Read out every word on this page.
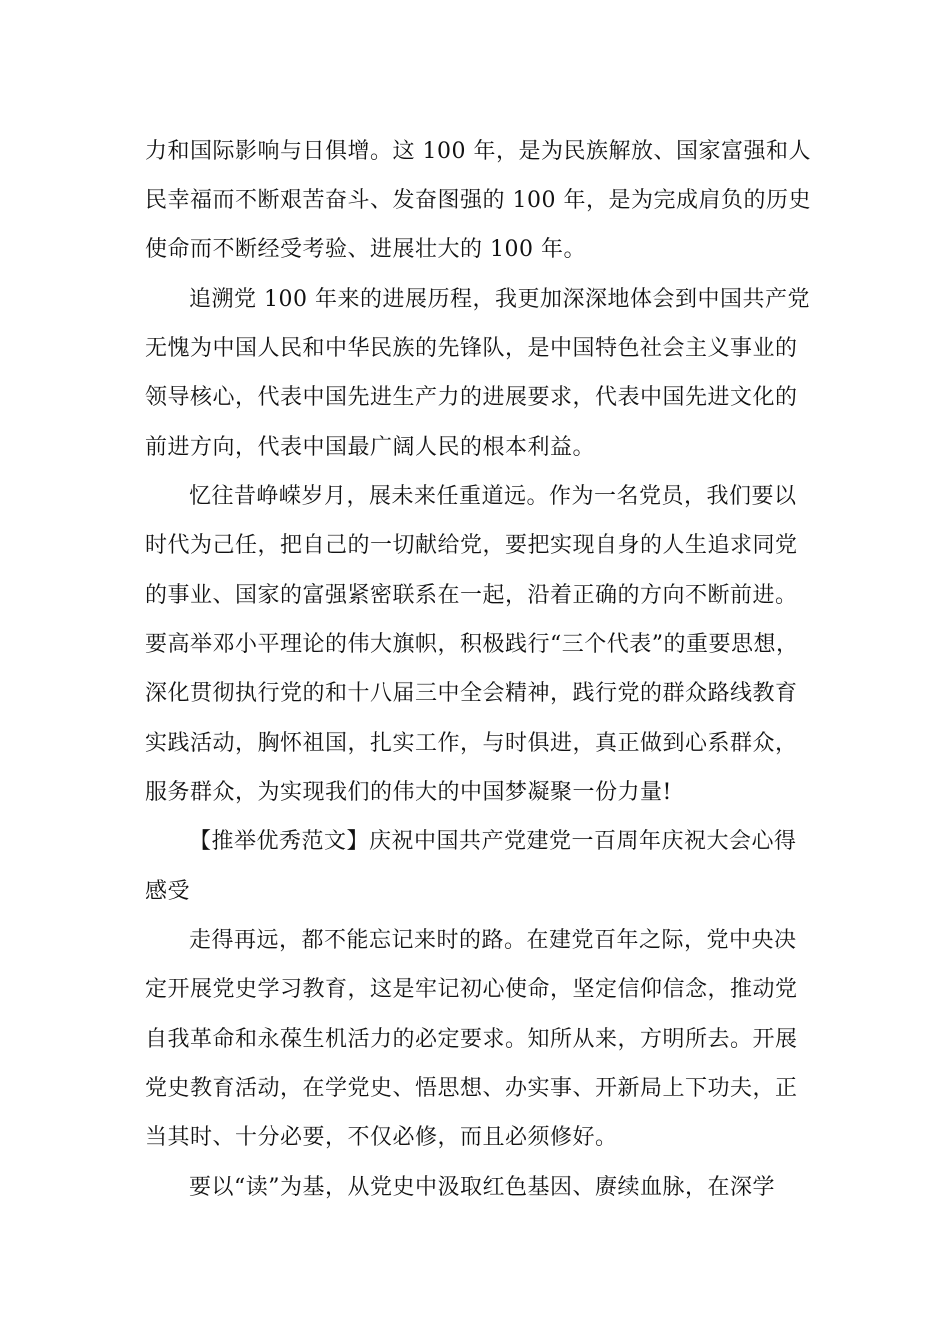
力和国际影响与日俱增。这 100 年，是为民族解放、国家富强和人
民幸福而不断艰苦奋斗、发奋图强的 100 年，是为完成肩负的历史
使命而不断经受考验、进展壮大的 100 年。
追溯党 100 年来的进展历程，我更加深深地体会到中国共产党
无愧为中国人民和中华民族的先锋队，是中国特色社会主义事业的
领导核心，代表中国先进生产力的进展要求，代表中国先进文化的
前进方向，代表中国最广阔人民的根本利益。
忆往昔峥嵘岁月，展未来任重道远。作为一名党员，我们要以
时代为己任，把自己的一切献给党，要把实现自身的人生追求同党
的事业、国家的富强紧密联系在一起，沿着正确的方向不断前进。
要高举邓小平理论的伟大旗帜，积极践行“三个代表”的重要思想，
深化贯彻执行党的和十八届三中全会精神，践行党的群众路线教育
实践活动，胸怀祖国，扎实工作，与时俱进，真正做到心系群众，
服务群众，为实现我们的伟大的中国梦凝聚一份力量!
【推举优秀范文】庆祝中国共产党建党一百周年庆祝大会心得
感受
走得再远，都不能忘记来时的路。在建党百年之际，党中央决
定开展党史学习教育，这是牢记初心使命，坚定信仰信念，推动党
自我革命和永葆生机活力的必定要求。知所从来，方明所去。开展
党史教育活动，在学党史、悟思想、办实事、开新局上下功夫，正
当其时、十分必要，不仅必修，而且必须修好。
要以“读”为基，从党史中汲取红色基因、赓续血脉，在深学
